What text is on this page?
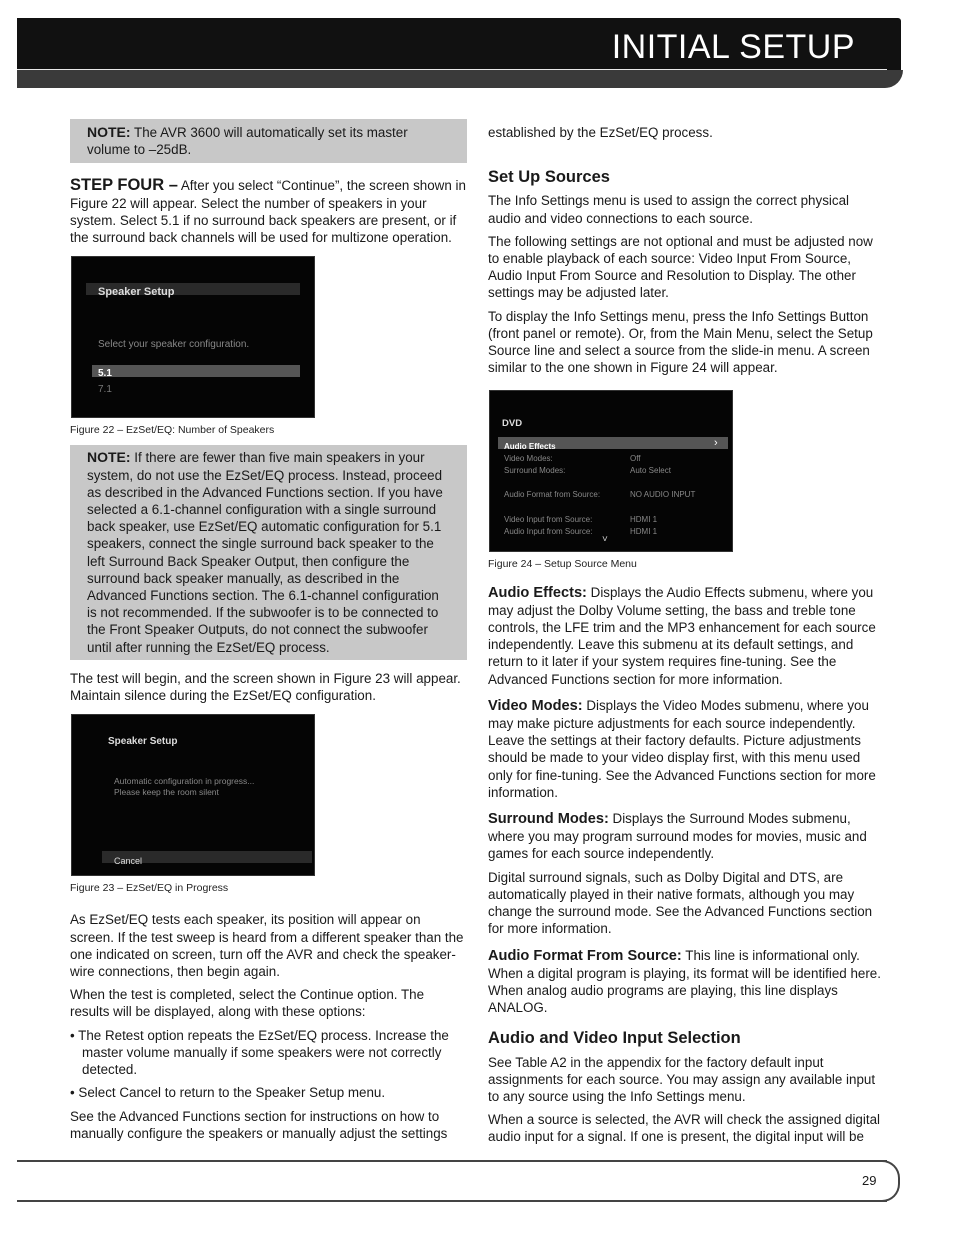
INITIAL SETUP
NOTE: The AVR 3600 will automatically set its master volume to –25dB.

STEP FOUR – After you select “Continue”, the screen shown in Figure 22 will appear. Select the number of speakers in your system. Select 5.1 if no surround back speakers are present, or if the surround back channels will be used for multizone operation.

Speaker Setup
Select your speaker configuration.
5.1
7.1
Figure 22 – EzSet/EQ: Number of Speakers
NOTE: If there are fewer than five main speakers in your system, do not use the EzSet/EQ process. Instead, proceed as described in the Advanced Functions section. If you have selected a 6.1-channel configuration with a single surround back speaker, use EzSet/EQ automatic configuration for 5.1 speakers, connect the single surround back speaker to the left Surround Back Speaker Output, then configure the surround back speaker manually, as described in the Advanced Functions section. The 6.1-channel configuration is not recommended. If the subwoofer is to be connected to the Front Speaker Outputs, do not connect the subwoofer until after running the EzSet/EQ process.

The test will begin, and the screen shown in Figure 23 will appear. Maintain silence during the EzSet/EQ configuration.

Speaker Setup
Automatic configuration in progress...
Please keep the room silent
Cancel
Figure 23 – EzSet/EQ in Progress

As EzSet/EQ tests each speaker, its position will appear on screen. If the test sweep is heard from a different speaker than the one indicated on screen, turn off the AVR and check the speaker-wire connections, then begin again.

When the test is completed, select the Continue option. The results will be displayed, along with these options:

• The Retest option repeats the EzSet/EQ process. Increase the master volume manually if some speakers were not correctly detected.

• Select Cancel to return to the Speaker Setup menu.

See the Advanced Functions section for instructions on how to manually configure the speakers or manually adjust the settings

established by the EzSet/EQ process.

Set Up Sources

The Info Settings menu is used to assign the correct physical audio and video connections to each source.

The following settings are not optional and must be adjusted now to enable playback of each source: Video Input From Source, Audio Input From Source and Resolution to Display. The other settings may be adjusted later.

To display the Info Settings menu, press the Info Settings Button (front panel or remote). Or, from the Main Menu, select the Setup Source line and select a source from the slide-in menu. A screen similar to the one shown in Figure 24 will appear.

DVD
Audio Effects	›
Video Modes:	Off
Surround Modes:	Auto Select
Audio Format from Source:	NO AUDIO INPUT
Video Input from Source:	HDMI 1
Audio Input from Source:	HDMI 1
˅
Figure 24 – Setup Source Menu

Audio Effects: Displays the Audio Effects submenu, where you may adjust the Dolby Volume setting, the bass and treble tone controls, the LFE trim and the MP3 enhancement for each source independently. Leave this submenu at its default settings, and return to it later if your system requires fine-tuning. See the Advanced Functions section for more information.

Video Modes: Displays the Video Modes submenu, where you may make picture adjustments for each source independently. Leave the settings at their factory defaults. Picture adjustments should be made to your video display first, with this menu used only for fine-tuning. See the Advanced Functions section for more information.

Surround Modes: Displays the Surround Modes submenu, where you may program surround modes for movies, music and games for each source independently.

Digital surround signals, such as Dolby Digital and DTS, are automatically played in their native formats, although you may change the surround mode. See the Advanced Functions section for more information.

Audio Format From Source: This line is informational only. When a digital program is playing, its format will be identified here. When analog audio programs are playing, this line displays ANALOG.

Audio and Video Input Selection

See Table A2 in the appendix for the factory default input assignments for each source. You may assign any available input to any source using the Info Settings menu.

When a source is selected, the AVR will check the assigned digital audio input for a signal. If one is present, the digital input will be

29
